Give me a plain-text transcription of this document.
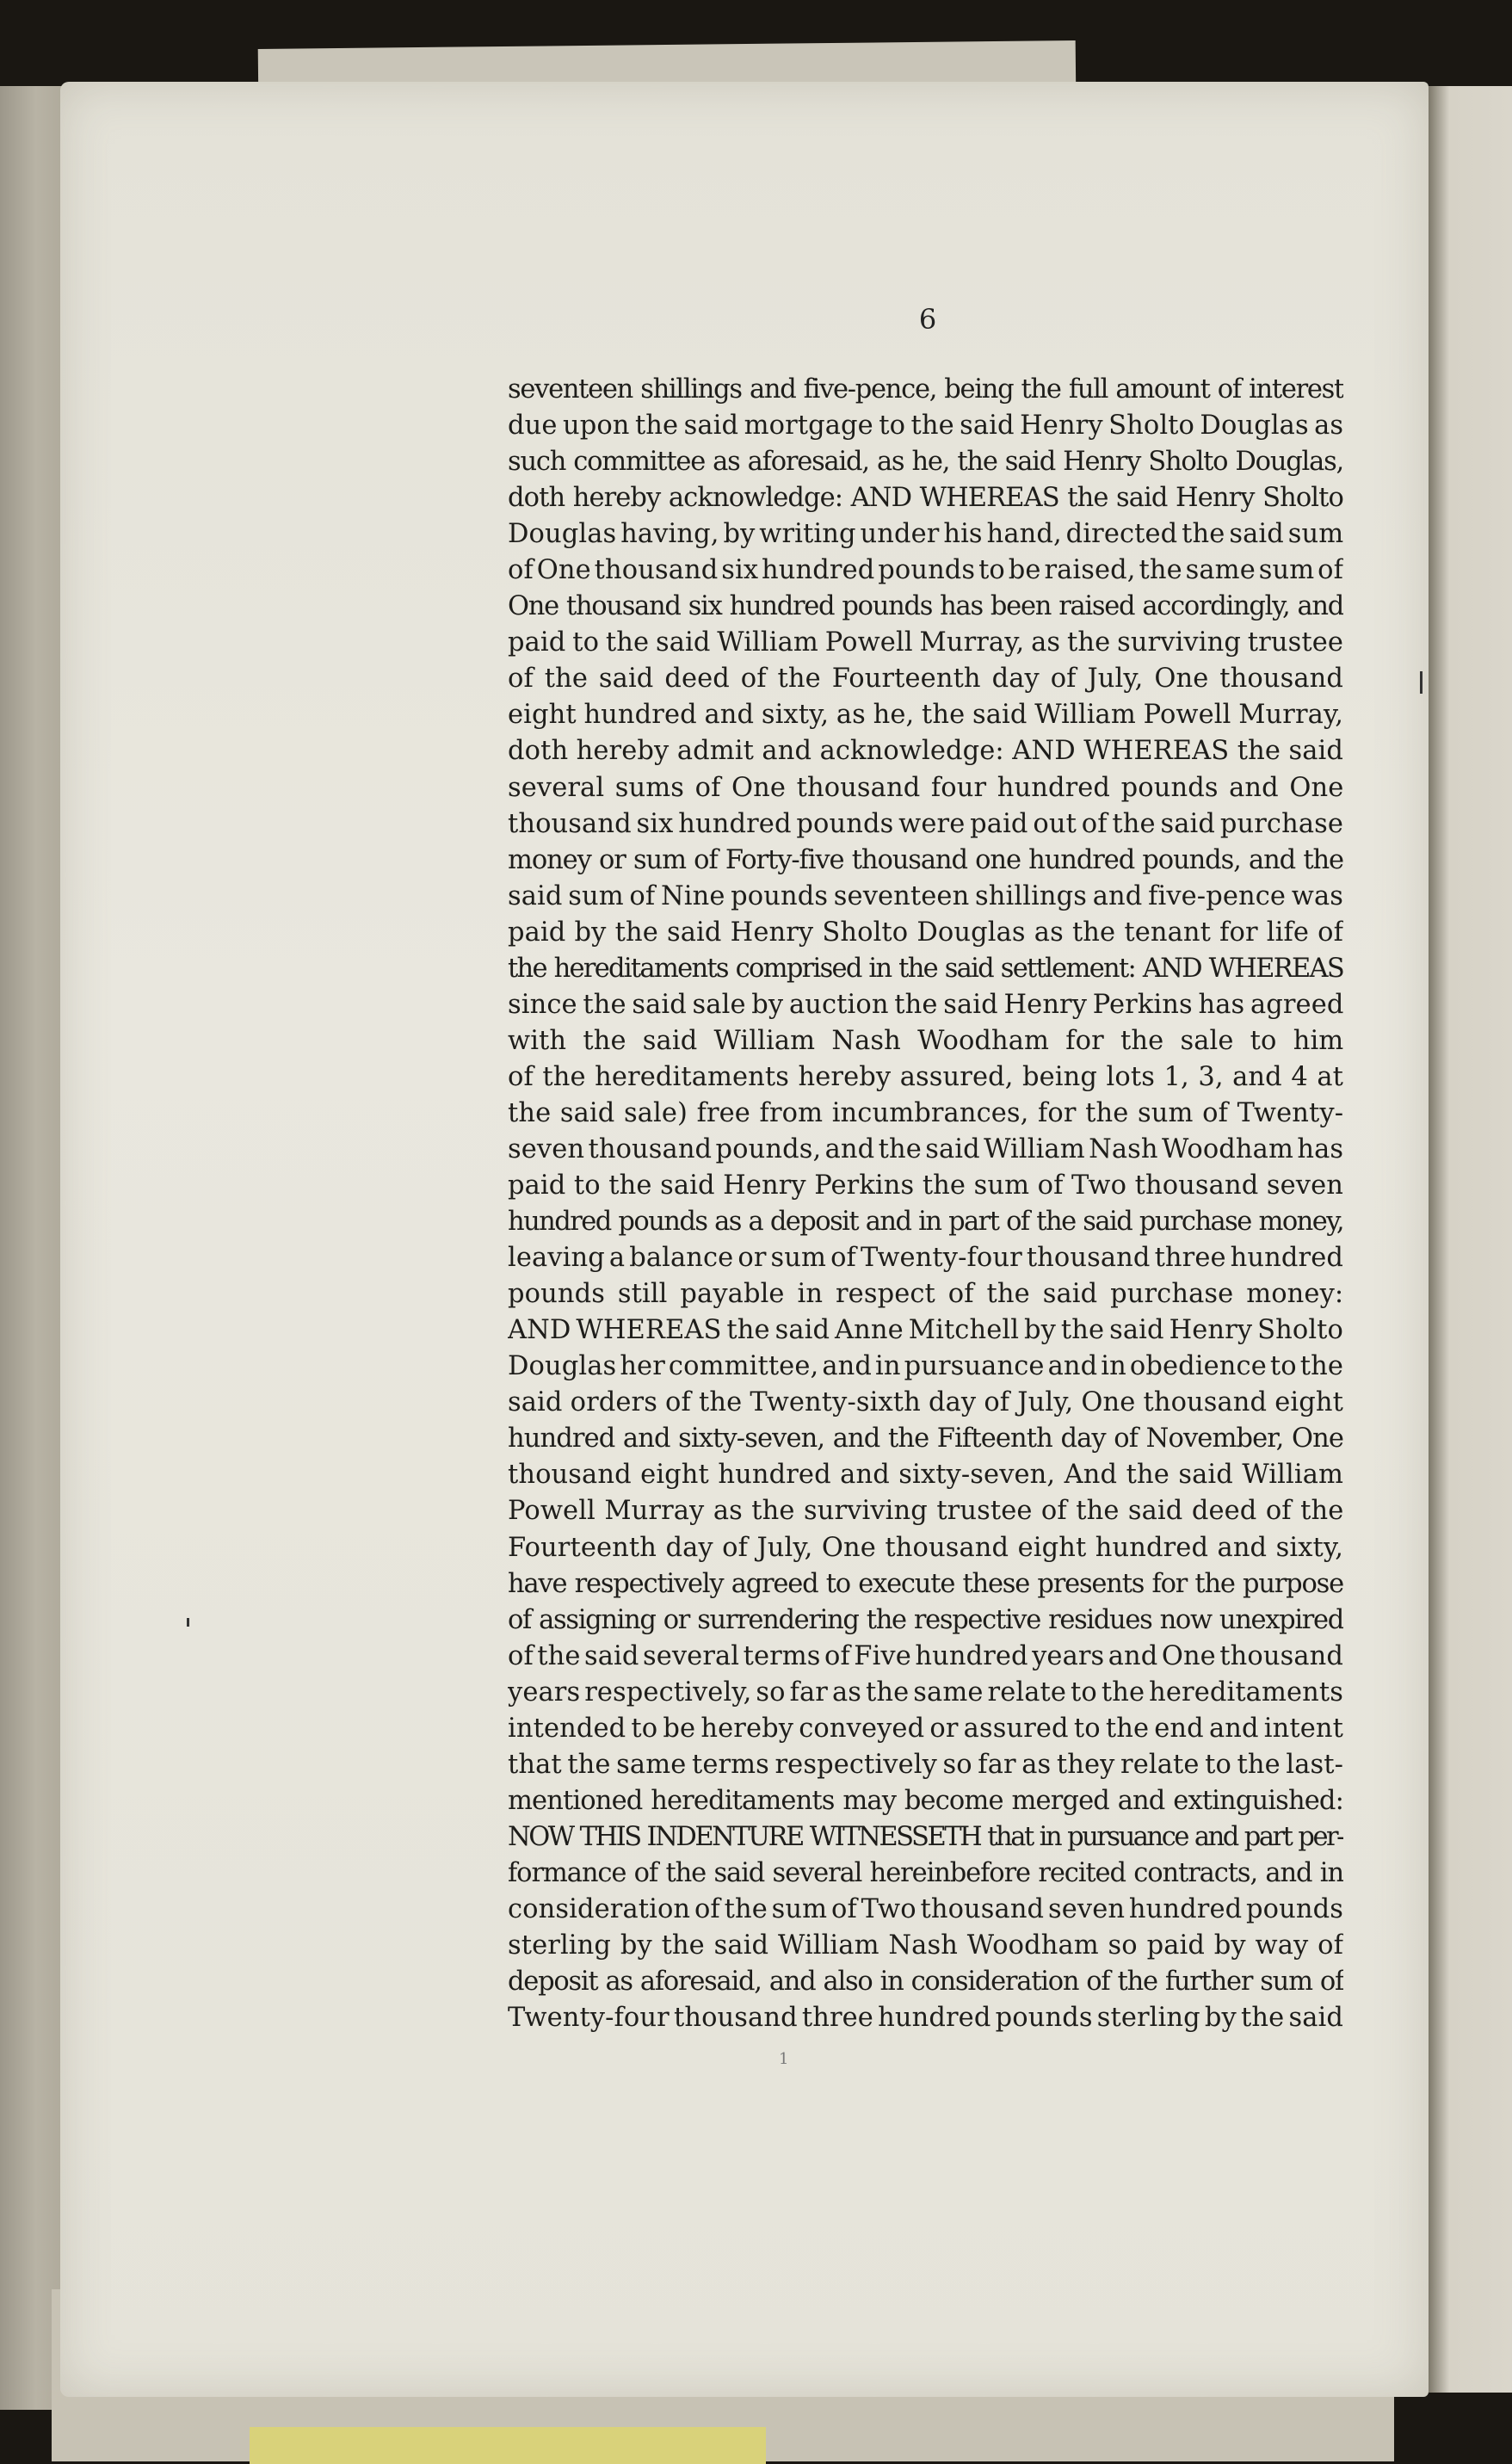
6
seventeen shillings and five-pence, being the full amount of interest
due upon the said mortgage to the said Henry Sholto Douglas as
such committee as aforesaid, as he, the said Henry Sholto Douglas,
doth hereby acknowledge: AND WHEREAS the said Henry Sholto
Douglas having, by writing under his hand, directed the said sum
of One thousand six hundred pounds to be raised, the same sum of
One thousand six hundred pounds has been raised accordingly, and
paid to the said William Powell Murray, as the surviving trustee
of the said deed of the Fourteenth day of July, One thousand
eight hundred and sixty, as he, the said William Powell Murray,
doth hereby admit and acknowledge: AND WHEREAS the said
several sums of One thousand four hundred pounds and One
thousand six hundred pounds were paid out of the said purchase
money or sum of Forty-five thousand one hundred pounds, and the
said sum of Nine pounds seventeen shillings and five-pence was
paid by the said Henry Sholto Douglas as the tenant for life of
the hereditaments comprised in the said settlement: AND WHEREAS
since the said sale by auction the said Henry Perkins has agreed
with the said William Nash Woodham for the sale to him
of the hereditaments hereby assured, being lots 1, 3, and 4 at
the said sale) free from incumbrances, for the sum of Twenty-
seven thousand pounds, and the said William Nash Woodham has
paid to the said Henry Perkins the sum of Two thousand seven
hundred pounds as a deposit and in part of the said purchase money,
leaving a balance or sum of Twenty-four thousand three hundred
pounds still payable in respect of the said purchase money:
AND WHEREAS the said Anne Mitchell by the said Henry Sholto
Douglas her committee, and in pursuance and in obedience to the
said orders of the Twenty-sixth day of July, One thousand eight
hundred and sixty-seven, and the Fifteenth day of November, One
thousand eight hundred and sixty-seven, And the said William
Powell Murray as the surviving trustee of the said deed of the
Fourteenth day of July, One thousand eight hundred and sixty,
have respectively agreed to execute these presents for the purpose
of assigning or surrendering the respective residues now unexpired
of the said several terms of Five hundred years and One thousand
years respectively, so far as the same relate to the hereditaments
intended to be hereby conveyed or assured to the end and intent
that the same terms respectively so far as they relate to the last-
mentioned hereditaments may become merged and extinguished:
NOW THIS INDENTURE WITNESSETH that in pursuance and part per-
formance of the said several hereinbefore recited contracts, and in
consideration of the sum of Two thousand seven hundred pounds
sterling by the said William Nash Woodham so paid by way of
deposit as aforesaid, and also in consideration of the further sum of
Twenty-four thousand three hundred pounds sterling by the said
1
